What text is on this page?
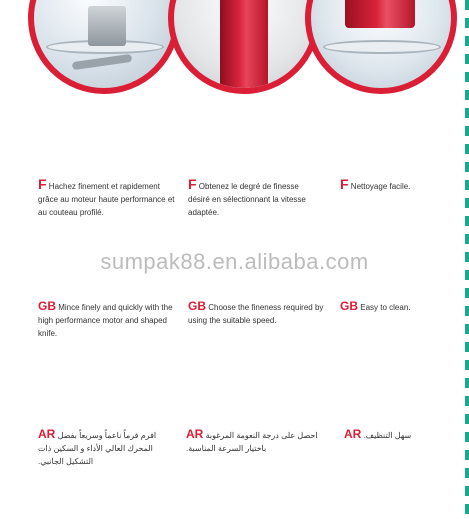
F Hachez finement et rapidement grâce au moteur haute performance et au couteau profilé.
F Obtenez le degré de finesse désiré en sélectionnant la vitesse adaptée.
F Nettoyage facile.
sumpak88.en.alibaba.com
GB Mince finely and quickly with the high performance motor and shaped knife.
GB Choose the fineness required by using the suitable speed.
GB Easy to clean.
AR افرم فرماً ناعماً وسريعاً بفضل المحرك العالي الأداء و السكين ذات التشكيل الجانبي.
AR احصل على درجة النعومة المرغوبة باختيار السرعة المناسبة.
AR سهل التنظيف.
